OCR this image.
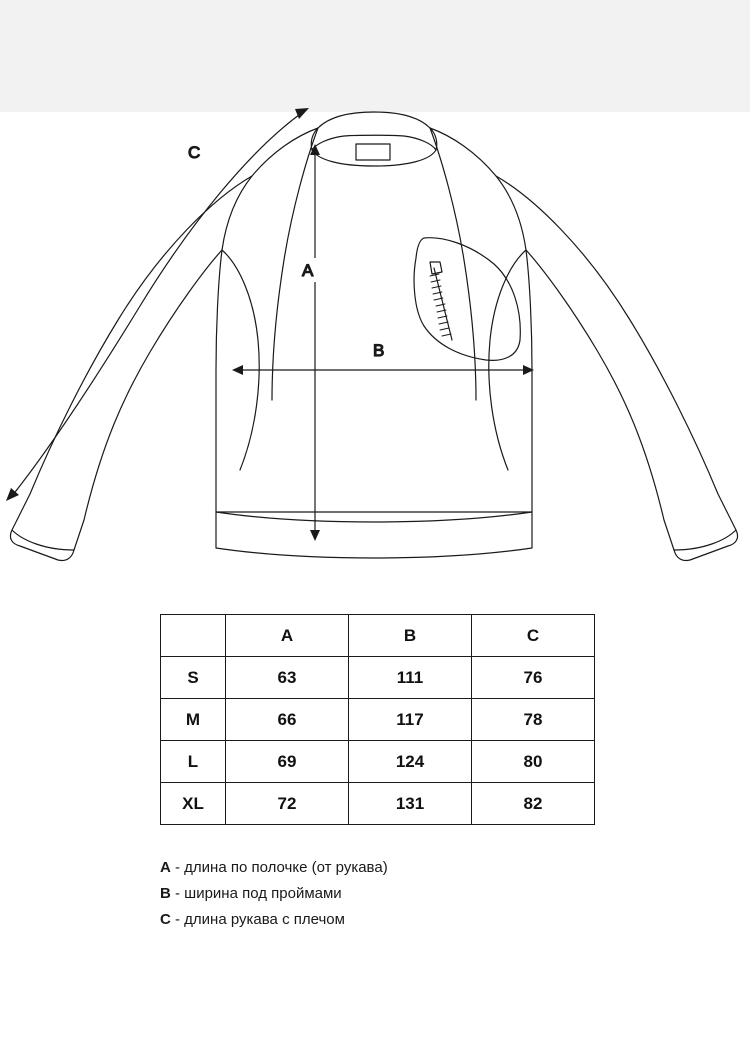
A
B
C
	A	B	C
S	63	111	76
M	66	117	78
L	69	124	80
XL	72	131	82
A - длина по полочке (от рукава)
B - ширина под проймами
C - длина рукава с плечом
